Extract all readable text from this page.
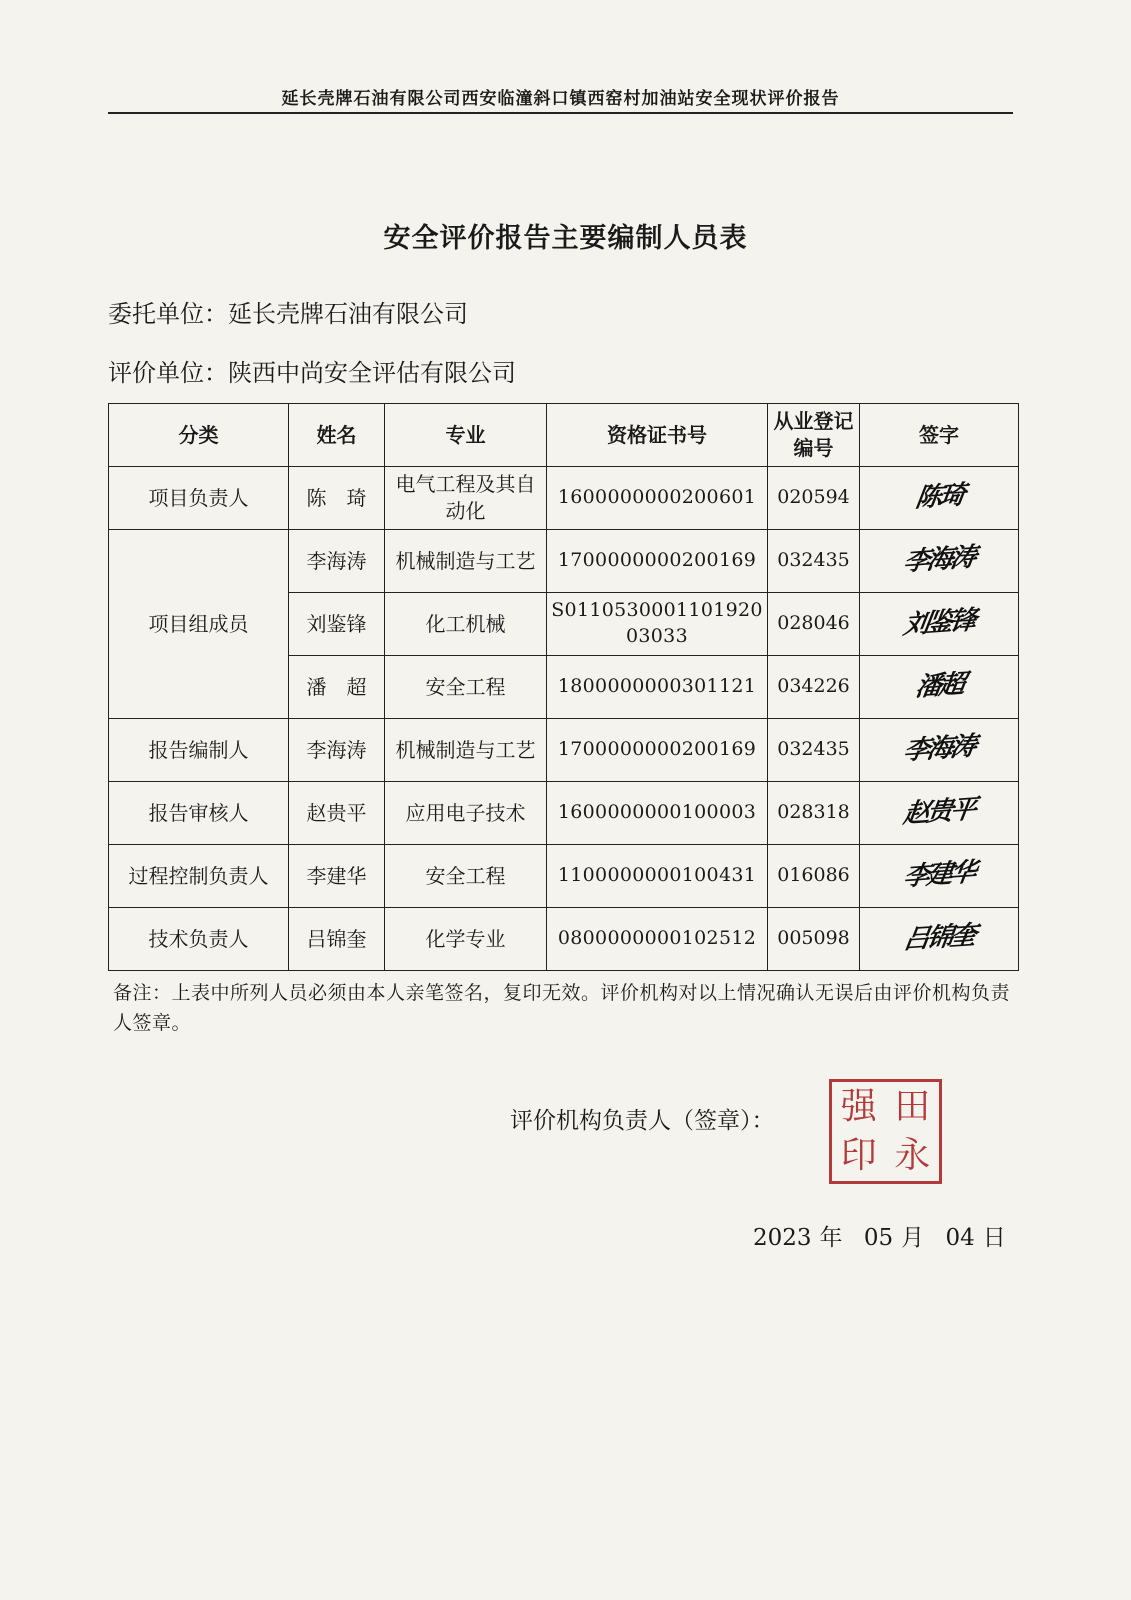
延长壳牌石油有限公司西安临潼斜口镇西窑村加油站安全现状评价报告
安全评价报告主要编制人员表
委托单位：延长壳牌石油有限公司
评价单位：陕西中尚安全评估有限公司
分类	姓名	专业	资格证书号	从业登记编号	签字
项目负责人	陈　琦	电气工程及其自动化	1600000000200601	020594	陈琦
项目组成员	李海涛	机械制造与工艺	1700000000200169	032435	李海涛
	刘鉴锋	化工机械	S011053000110192003033	028046	刘鉴锋
	潘　超	安全工程	1800000000301121	034226	潘超
报告编制人	李海涛	机械制造与工艺	1700000000200169	032435	李海涛
报告审核人	赵贵平	应用电子技术	1600000000100003	028318	赵贵平
过程控制负责人	李建华	安全工程	1100000000100431	016086	李建华
技术负责人	吕锦奎	化学专业	0800000000102512	005098	吕锦奎
备注：上表中所列人员必须由本人亲笔签名，复印无效。评价机构对以上情况确认无误后由评价机构负责人签章。
评价机构负责人（签章）： 强 田
印 永
2023 年 05 月 04 日
